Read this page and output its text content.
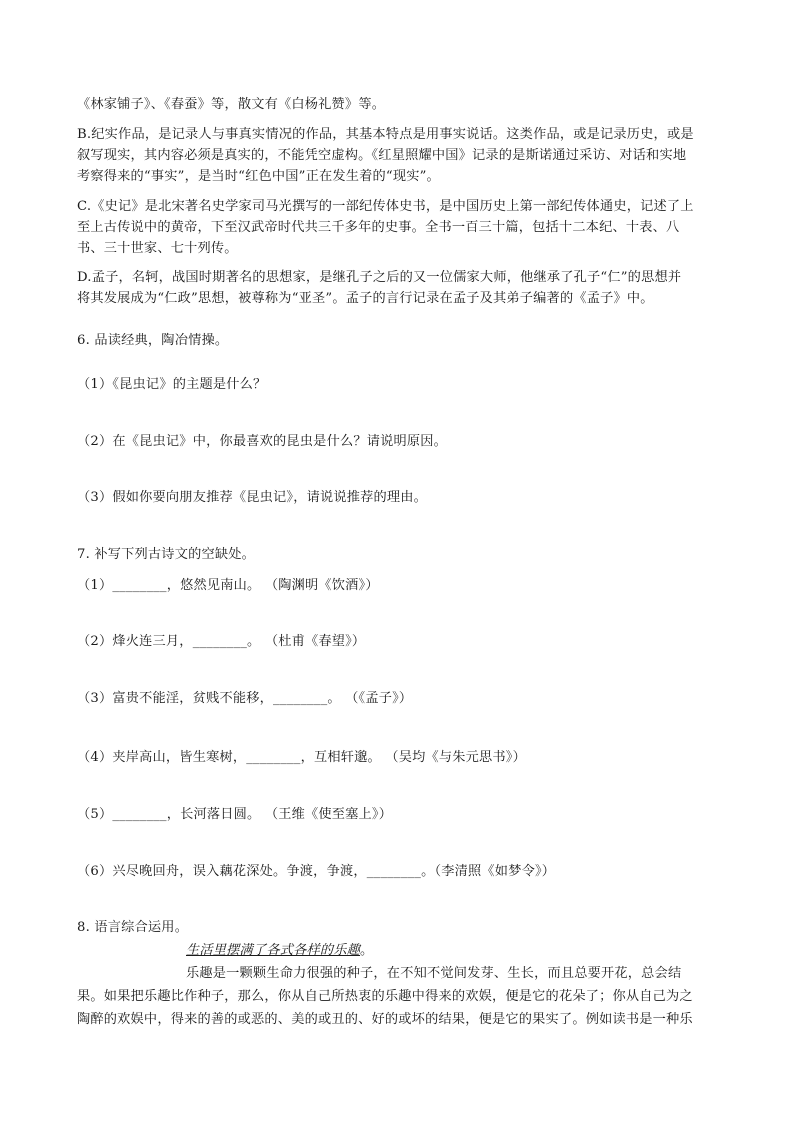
《林家铺子》、《春蚕》等，散文有《白杨礼赞》等。
B.纪实作品，是记录人与事真实情况的作品，其基本特点是用事实说话。这类作品，或是记录历史，或是
叙写现实，其内容必须是真实的，不能凭空虚构。《红星照耀中国》记录的是斯诺通过采访、对话和实地
考察得来的“事实”，是当时“红色中国”正在发生着的“现实”。
C.《史记》是北宋著名史学家司马光撰写的一部纪传体史书，是中国历史上第一部纪传体通史，记述了上
至上古传说中的黄帝，下至汉武帝时代共三千多年的史事。全书一百三十篇，包括十二本纪、十表、八
书、三十世家、七十列传。
D.孟子，名轲，战国时期著名的思想家，是继孔子之后的又一位儒家大师，他继承了孔子“仁”的思想并
将其发展成为“仁政”思想，被尊称为“亚圣”。孟子的言行记录在孟子及其弟子编著的《孟子》中。
6. 品读经典，陶冶情操。
（1）《昆虫记》的主题是什么？
（2）在《昆虫记》中，你最喜欢的昆虫是什么？请说明原因。
（3）假如你要向朋友推荐《昆虫记》，请说说推荐的理由。
7. 补写下列古诗文的空缺处。
（1）________，悠然见南山。 （陶渊明《饮酒》）
（2）烽火连三月，________。 （杜甫《春望》）
（3）富贵不能淫，贫贱不能移，________。 （《孟子》）
（4）夹岸高山，皆生寒树，________，互相轩邈。 （吴均《与朱元思书》）
（5）________，长河落日圆。 （王维《使至塞上》）
（6）兴尽晚回舟，误入藕花深处。争渡，争渡，________。（李清照《如梦令》）
8. 语言综合运用。
生活里摆满了各式各样的乐趣。
乐趣是一颗颗生命力很强的种子，在不知不觉间发芽、生长，而且总要开花，总会结
果。如果把乐趣比作种子，那么，你从自己所热衷的乐趣中得来的欢娱，便是它的花朵了；你从自己为之
陶醉的欢娱中，得来的善的或恶的、美的或丑的、好的或坏的结果，便是它的果实了。例如读书是一种乐
